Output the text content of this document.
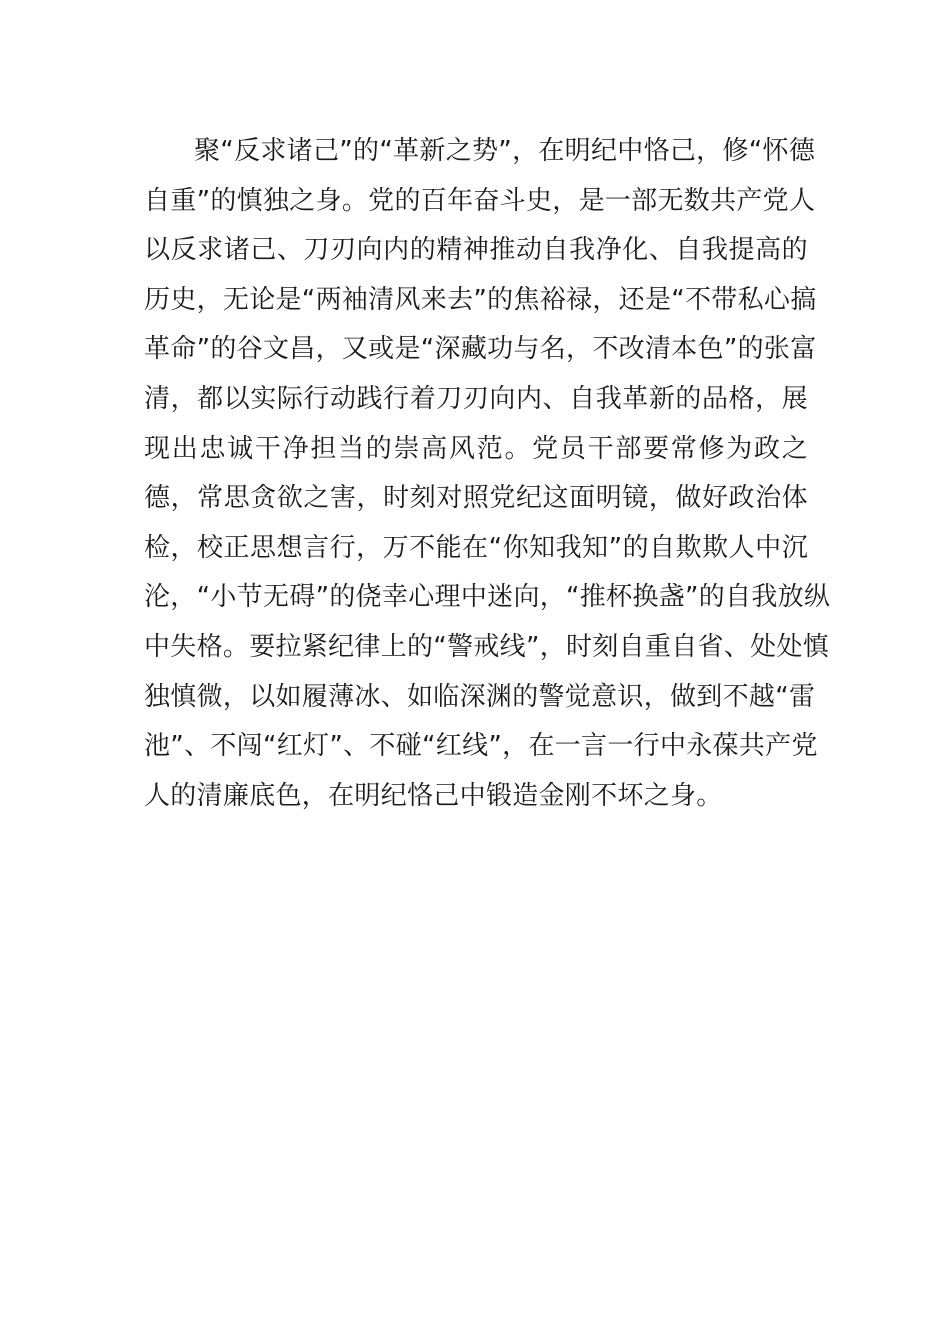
聚“反求诸己”的“革新之势”，在明纪中恪己，修“怀德
自重”的慎独之身。党的百年奋斗史，是一部无数共产党人
以反求诸己、刀刃向内的精神推动自我净化、自我提高的
历史，无论是“两袖清风来去”的焦裕禄，还是“不带私心搞
革命”的谷文昌，又或是“深藏功与名，不改清本色”的张富
清，都以实际行动践行着刀刃向内、自我革新的品格，展
现出忠诚干净担当的崇高风范。党员干部要常修为政之
德，常思贪欲之害，时刻对照党纪这面明镜，做好政治体
检，校正思想言行，万不能在“你知我知”的自欺欺人中沉
沦，“小节无碍”的侥幸心理中迷向，“推杯换盏”的自我放纵
中失格。要拉紧纪律上的“警戒线”，时刻自重自省、处处慎
独慎微，以如履薄冰、如临深渊的警觉意识，做到不越“雷
池”、不闯“红灯”、不碰“红线”，在一言一行中永葆共产党
人的清廉底色，在明纪恪己中锻造金刚不坏之身。
